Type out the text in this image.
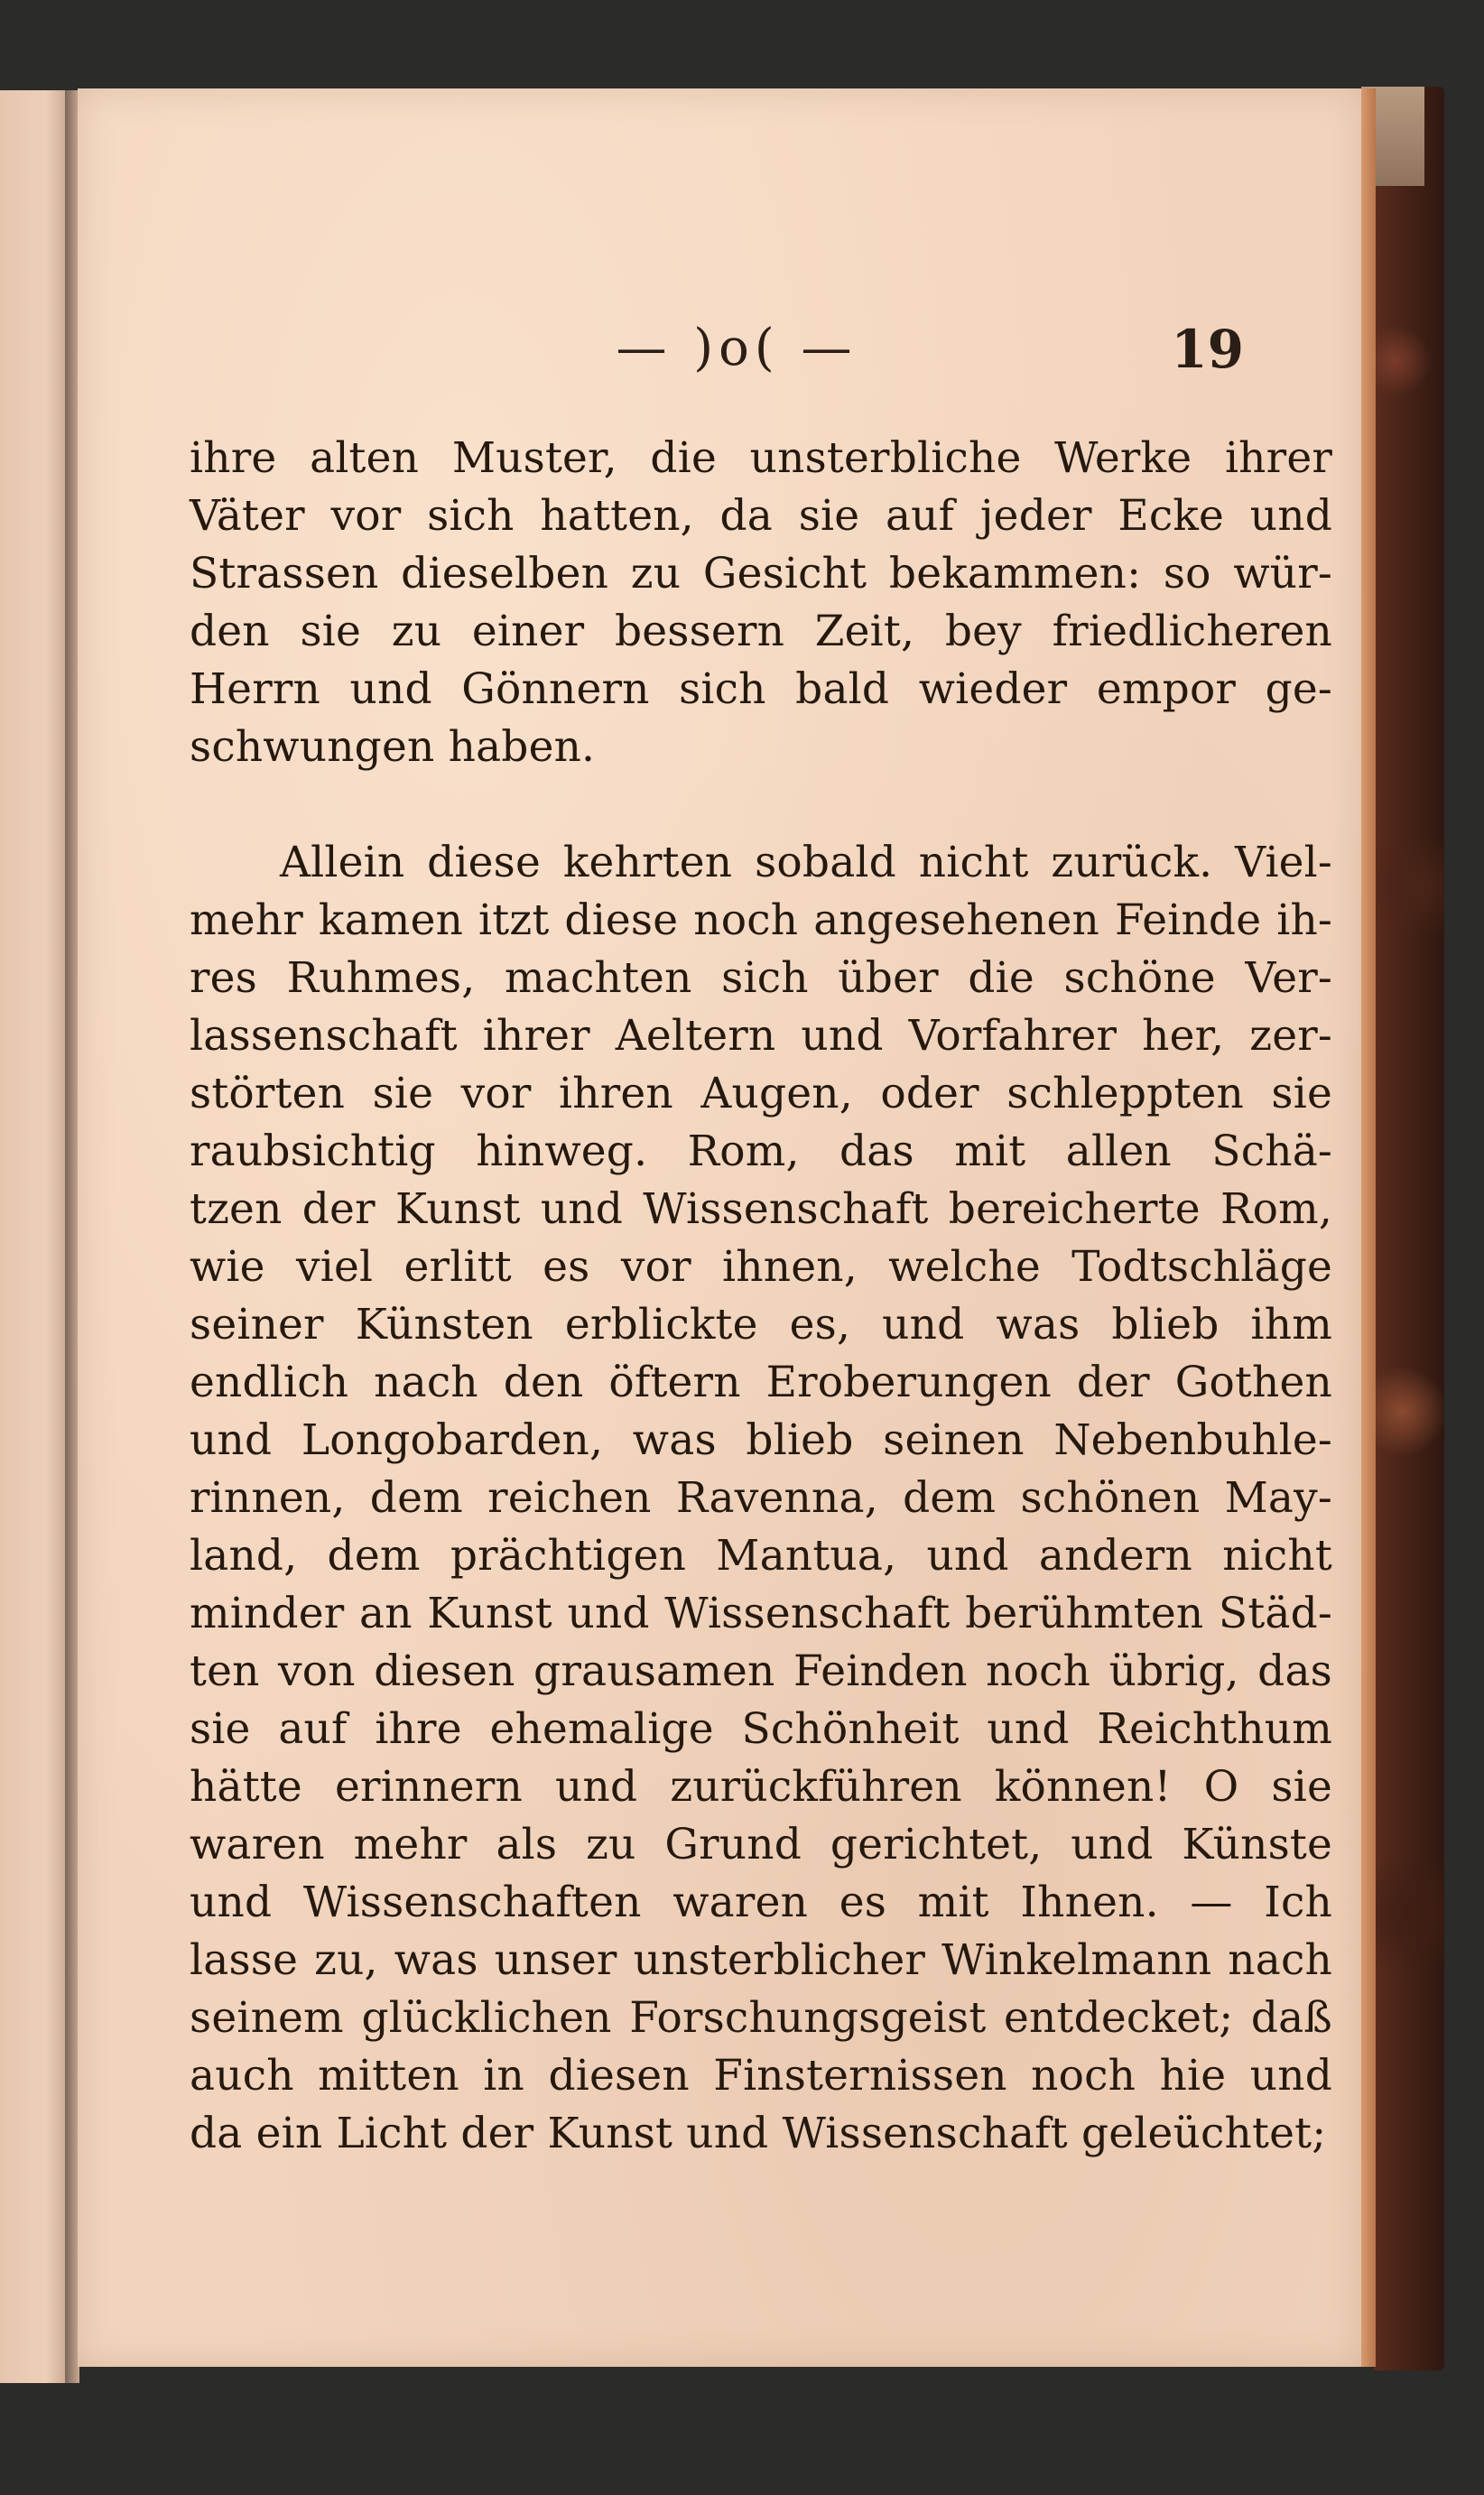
— )o( —	19
ihre alten Muster, die unsterbliche Werke ihrer
Väter vor sich hatten, da sie auf jeder Ecke und
Strassen dieselben zu Gesicht bekammen: so wür-
den sie zu einer bessern Zeit, bey friedlicheren
Herrn und Gönnern sich bald wieder empor ge-
schwungen haben.
Allein diese kehrten sobald nicht zurück. Viel-
mehr kamen itzt diese noch angesehenen Feinde ih-
res Ruhmes, machten sich über die schöne Ver-
lassenschaft ihrer Aeltern und Vorfahrer her, zer-
störten sie vor ihren Augen, oder schleppten sie
raubsichtig hinweg. Rom, das mit allen Schä-
tzen der Kunst und Wissenschaft bereicherte Rom,
wie viel erlitt es vor ihnen, welche Todtschläge
seiner Künsten erblickte es, und was blieb ihm
endlich nach den öftern Eroberungen der Gothen
und Longobarden, was blieb seinen Nebenbuhle-
rinnen, dem reichen Ravenna, dem schönen May-
land, dem prächtigen Mantua, und andern nicht
minder an Kunst und Wissenschaft berühmten Städ-
ten von diesen grausamen Feinden noch übrig, das
sie auf ihre ehemalige Schönheit und Reichthum
hätte erinnern und zurückführen können! O sie
waren mehr als zu Grund gerichtet, und Künste
und Wissenschaften waren es mit Ihnen. — Ich
lasse zu, was unser unsterblicher Winkelmann nach
seinem glücklichen Forschungsgeist entdecket; daß
auch mitten in diesen Finsternissen noch hie und
da ein Licht der Kunst und Wissenschaft geleüchtet;
